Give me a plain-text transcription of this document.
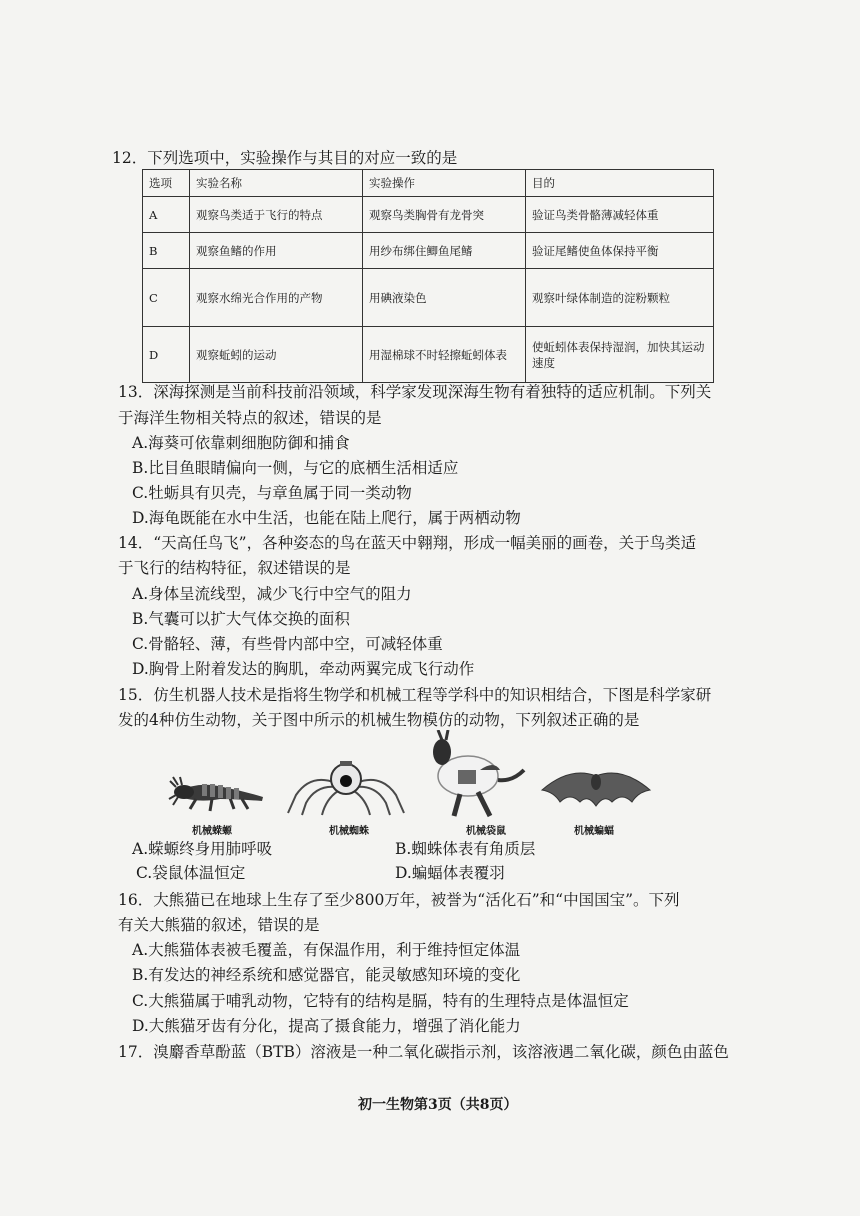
12．下列选项中，实验操作与其目的对应一致的是
选项	实验名称	实验操作	目的
A	观察鸟类适于飞行的特点	观察鸟类胸骨有龙骨突	验证鸟类骨骼薄减轻体重
B	观察鱼鳍的作用	用纱布绑住鲫鱼尾鳍	验证尾鳍使鱼体保持平衡
C	观察水绵光合作用的产物	用碘液染色	观察叶绿体制造的淀粉颗粒
D	观察蚯蚓的运动	用湿棉球不时轻擦蚯蚓体表	使蚯蚓体表保持湿润，加快其运动速度
13．深海探测是当前科技前沿领域，科学家发现深海生物有着独特的适应机制。下列关
于海洋生物相关特点的叙述，错误的是
A.海葵可依靠刺细胞防御和捕食
B.比目鱼眼睛偏向一侧，与它的底栖生活相适应
C.牡蛎具有贝壳，与章鱼属于同一类动物
D.海龟既能在水中生活，也能在陆上爬行，属于两栖动物
14．“天高任鸟飞”，各种姿态的鸟在蓝天中翱翔，形成一幅美丽的画卷，关于鸟类适
于飞行的结构特征，叙述错误的是
A.身体呈流线型，减少飞行中空气的阻力
B.气囊可以扩大气体交换的面积
C.骨骼轻、薄，有些骨内部中空，可减轻体重
D.胸骨上附着发达的胸肌，牵动两翼完成飞行动作
15．仿生机器人技术是指将生物学和机械工程等学科中的知识相结合，下图是科学家研
发的4种仿生动物，关于图中所示的机械生物模仿的动物，下列叙述正确的是
机械蝾螈	机械蜘蛛	机械袋鼠	机械蝙蝠
A.蝾螈终身用肺呼吸	B.蜘蛛体表有角质层
C.袋鼠体温恒定	D.蝙蝠体表覆羽
16．大熊猫已在地球上生存了至少800万年，被誉为“活化石”和“中国国宝”。下列
有关大熊猫的叙述，错误的是
A.大熊猫体表被毛覆盖，有保温作用，利于维持恒定体温
B.有发达的神经系统和感觉器官，能灵敏感知环境的变化
C.大熊猫属于哺乳动物，它特有的结构是膈，特有的生理特点是体温恒定
D.大熊猫牙齿有分化，提高了摄食能力，增强了消化能力
17．溴麝香草酚蓝（BTB）溶液是一种二氧化碳指示剂，该溶液遇二氧化碳，颜色由蓝色
初一生物第3页（共8页）
